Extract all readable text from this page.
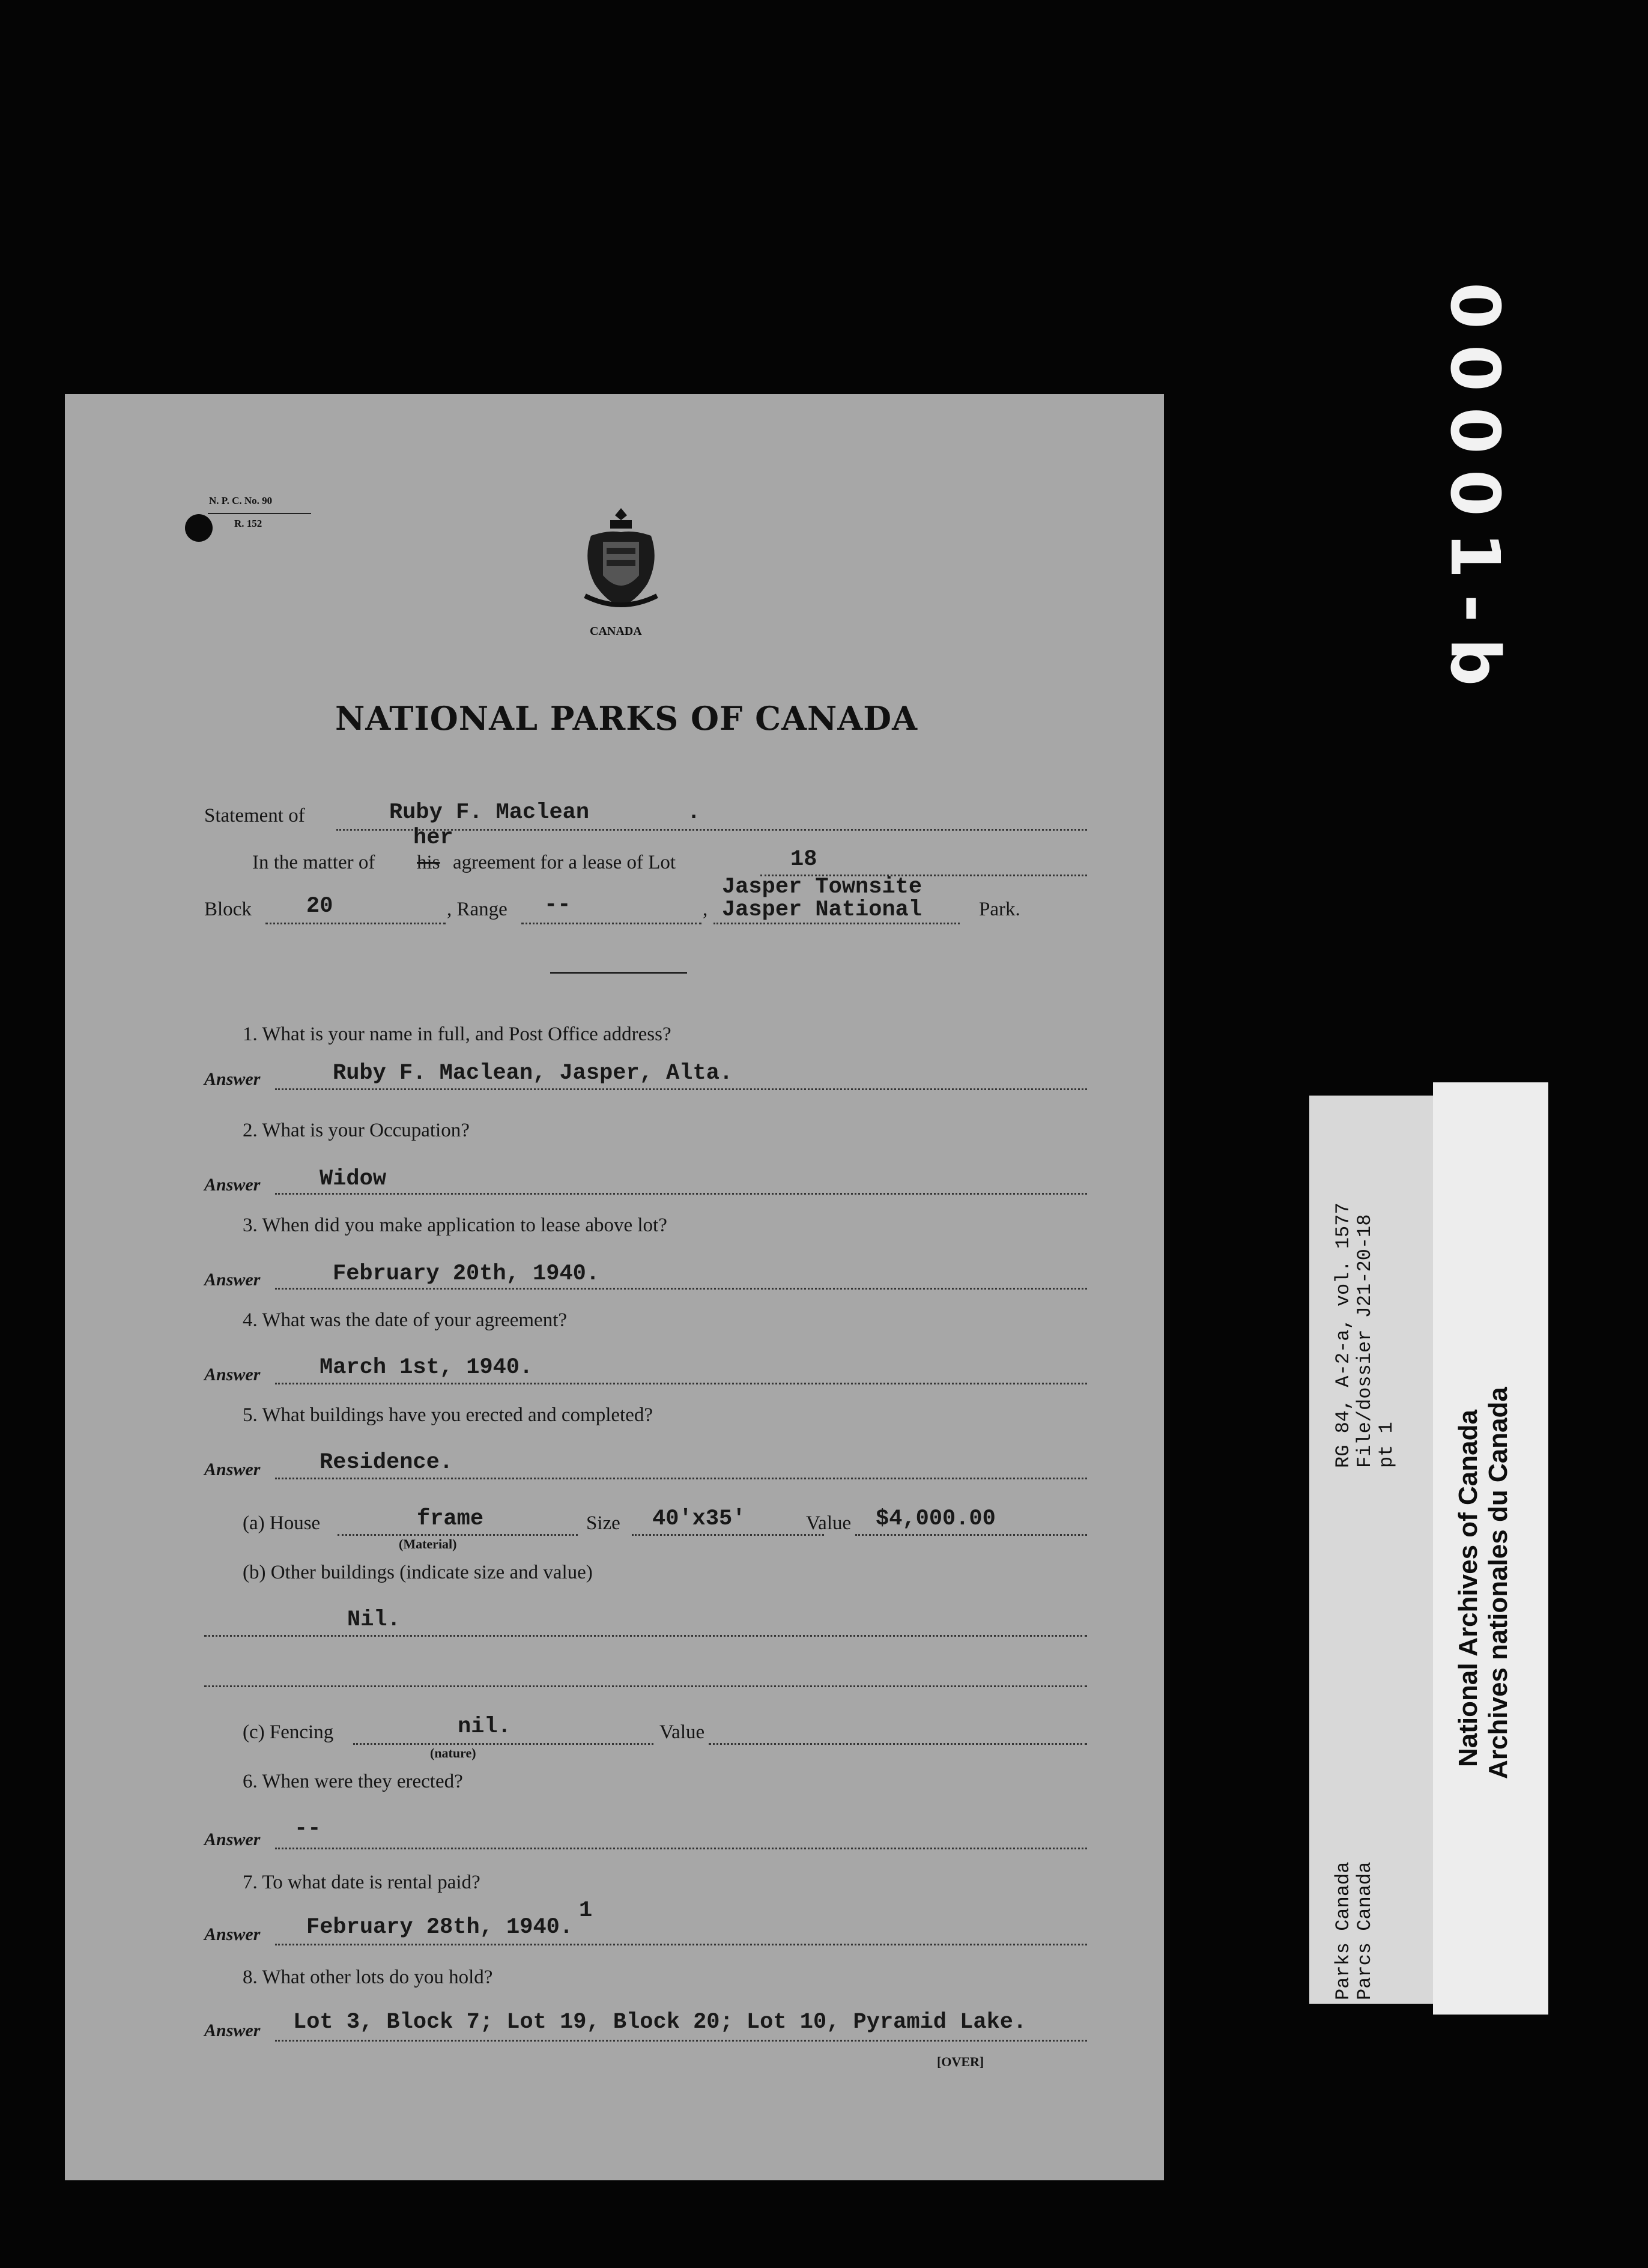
00001-b
N. P. C. No. 90
R. 152
CANADA
NATIONAL PARKS OF CANADA
Statement of	Ruby F. Maclean	.
her
In the matter of his agreement for a lease of Lot	18
Block 20	, Range --	,
Jasper Townsite
Jasper National	Park.
1. What is your name in full, and Post Office address?
Answer	Ruby F. Maclean, Jasper, Alta.
2. What is your Occupation?
Answer	Widow
3. When did you make application to lease above lot?
Answer	February 20th, 1940.
4. What was the date of your agreement?
Answer	March 1st, 1940.
5. What buildings have you erected and completed?
Answer	Residence.
(a) House	frame
(Material)
Size 40'x35'	Value $4,000.00
(b) Other buildings (indicate size and value)
Nil.
(c) Fencing	nil.
(nature)
Value
6. When were they erected?
Answer --
7. To what date is rental paid?
1
Answer February 28th, 1940.
8. What other lots do you hold?
Answer Lot 3, Block 7; Lot 19, Block 20; Lot 10, Pyramid Lake.
[OVER]
Parks Canada Parcs Canada
RG 84, A-2-a, vol. 1577 File/dossier J21-20-18 pt 1 National Archives of Canada Archives nationales du Canada
